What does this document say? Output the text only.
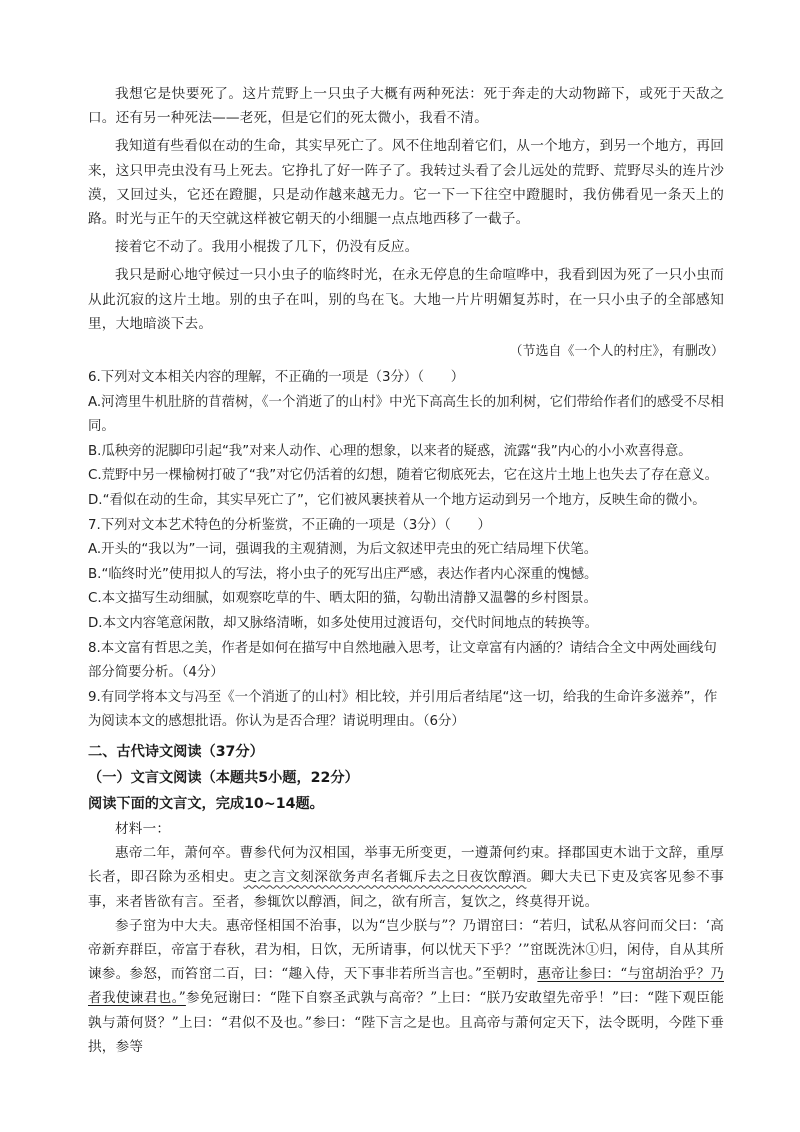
我想它是快要死了。这片荒野上一只虫子大概有两种死法：死于奔走的大动物蹄下，或死于天敌之口。还有另一种死法——老死，但是它们的死太微小，我看不清。

我知道有些看似在动的生命，其实早死亡了。风不住地刮着它们，从一个地方，到另一个地方，再回来，这只甲壳虫没有马上死去。它挣扎了好一阵子了。我转过头看了会儿远处的荒野、荒野尽头的连片沙漠，又回过头，它还在蹬腿，只是动作越来越无力。它一下一下往空中蹬腿时，我仿佛看见一条天上的路。时光与正午的天空就这样被它朝天的小细腿一点点地西移了一截子。

接着它不动了。我用小棍拨了几下，仍没有反应。

我只是耐心地守候过一只小虫子的临终时光，在永无停息的生命喧哗中，我看到因为死了一只小虫而从此沉寂的这片土地。别的虫子在叫，别的鸟在飞。大地一片片明媚复苏时，在一只小虫子的全部感知里，大地暗淡下去。

（节选自《一个人的村庄》，有删改）

6.下列对文本相关内容的理解，不正确的一项是（3分）（　　）

A.河湾里牛机肚脐的苜蓿树，《一个消逝了的山村》中光下高高生长的加利树，它们带给作者们的感受不尽相同。

B.瓜秧旁的泥脚印引起“我”对来人动作、心理的想象，以来者的疑惑，流露“我”内心的小小欢喜得意。

C.荒野中另一棵榆树打破了“我”对它仍活着的幻想，随着它彻底死去，它在这片土地上也失去了存在意义。

D.“看似在动的生命，其实早死亡了”，它们被风裹挟着从一个地方运动到另一个地方，反映生命的微小。

7.下列对文本艺术特色的分析鉴赏，不正确的一项是（3分）（　　）

A.开头的“我以为”一词，强调我的主观猜测，为后文叙述甲壳虫的死亡结局埋下伏笔。

B.“临终时光”使用拟人的写法，将小虫子的死写出庄严感，表达作者内心深重的愧憾。

C.本文描写生动细腻，如观察吃草的牛、晒太阳的猫，勾勒出清静又温馨的乡村图景。

D.本文内容笔意闲散，却又脉络清晰，如多处使用过渡语句，交代时间地点的转换等。

8.本文富有哲思之美，作者是如何在描写中自然地融入思考，让文章富有内涵的？请结合全文中两处画线句部分简要分析。（4分）

9.有同学将本文与冯至《一个消逝了的山村》相比较，并引用后者结尾“这一切，给我的生命许多滋养”，作为阅读本文的感想批语。你认为是否合理？请说明理由。（6分）

二、古代诗文阅读（37分）

（一）文言文阅读（本题共5小题，22分）

阅读下面的文言文，完成10~14题。

材料一：

惠帝二年，萧何卒。曹参代何为汉相国，举事无所变更，一遵萧何约束。择郡国吏木诎于文辞，重厚长者，即召除为丞相史。吏之言文刻深欲务声名者辄斥去之日夜饮醇酒。卿大夫已下吏及宾客见参不事事，来者皆欲有言。至者，参辄饮以醇酒，间之，欲有所言，复饮之，终莫得开说。

参子窋为中大夫。惠帝怪相国不治事，以为“岂少朕与”？乃谓窋曰：“若归，试私从容问而父曰：‘高帝新弃群臣，帝富于春秋，君为相，日饮，无所请事，何以忧天下乎？’”窋既洗沐①归，闲侍，自从其所谏参。参怒，而笞窋二百，曰：“趣入侍，天下事非若所当言也。”至朝时，惠帝让参曰：“与窋胡治乎？乃者我使谏君也。”参免冠谢曰：“陛下自察圣武孰与高帝？”上曰：“朕乃安敢望先帝乎！”曰：“陛下观臣能孰与萧何贤？”上曰：“君似不及也。”参曰：“陛下言之是也。且高帝与萧何定天下，法令既明，今陛下垂拱，参等
